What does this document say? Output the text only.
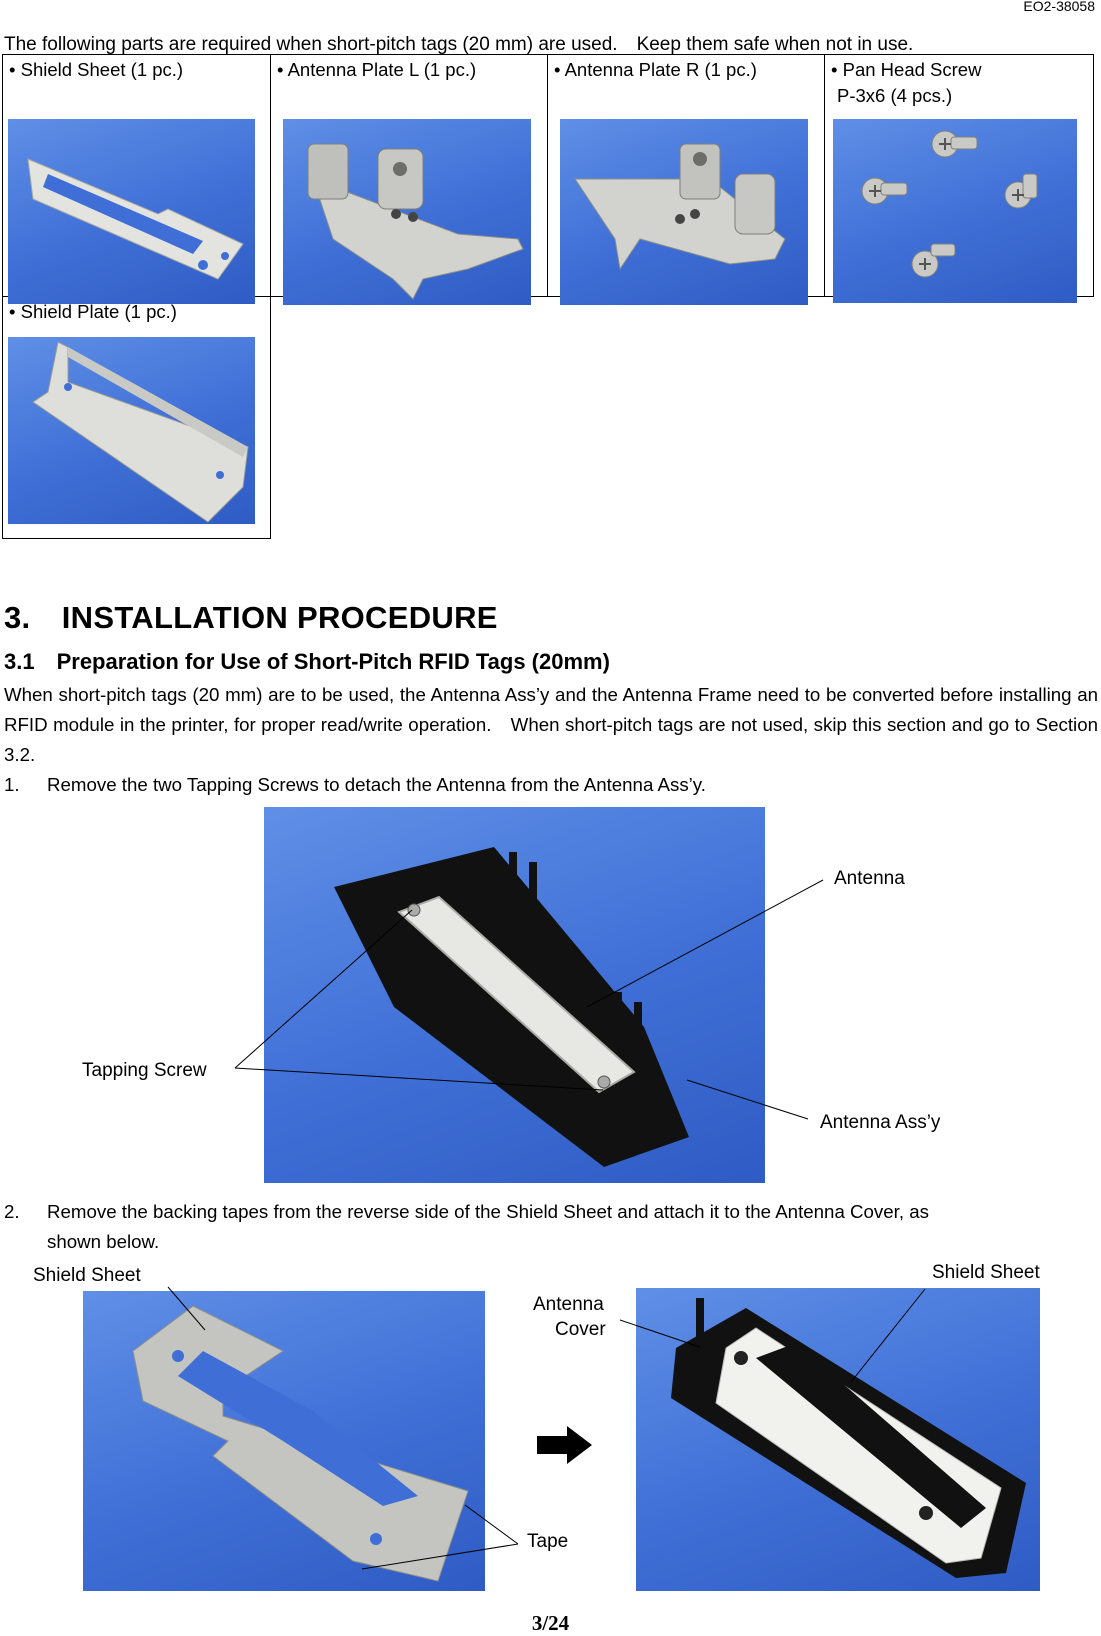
EO2-38058
The following parts are required when short-pitch tags (20 mm) are used.　Keep them safe when not in use.
• Shield Sheet (1 pc.)	• Antenna Plate L (1 pc.)	• Antenna Plate R (1 pc.)	• Pan Head Screw
P-3x6 (4 pcs.)

• Shield Plate (1 pc.)			

3.　INSTALLATION PROCEDURE
3.1　Preparation for Use of Short-Pitch RFID Tags (20mm)
When short-pitch tags (20 mm) are to be used, the Antenna Ass’y and the Antenna Frame need to be converted before installing an RFID module in the printer, for proper read/write operation.　When short-pitch tags are not used, skip this section and go to Section 3.2.
1. Remove the two Tapping Screws to detach the Antenna from the Antenna Ass’y.
2. Remove the backing tapes from the reverse side of the Shield Sheet and attach it to the Antenna Cover, as
shown below.
Antenna
Tapping Screw
Antenna Ass’y
Shield Sheet	Shield Sheet
Antenna
Cover
Tape
3/24
